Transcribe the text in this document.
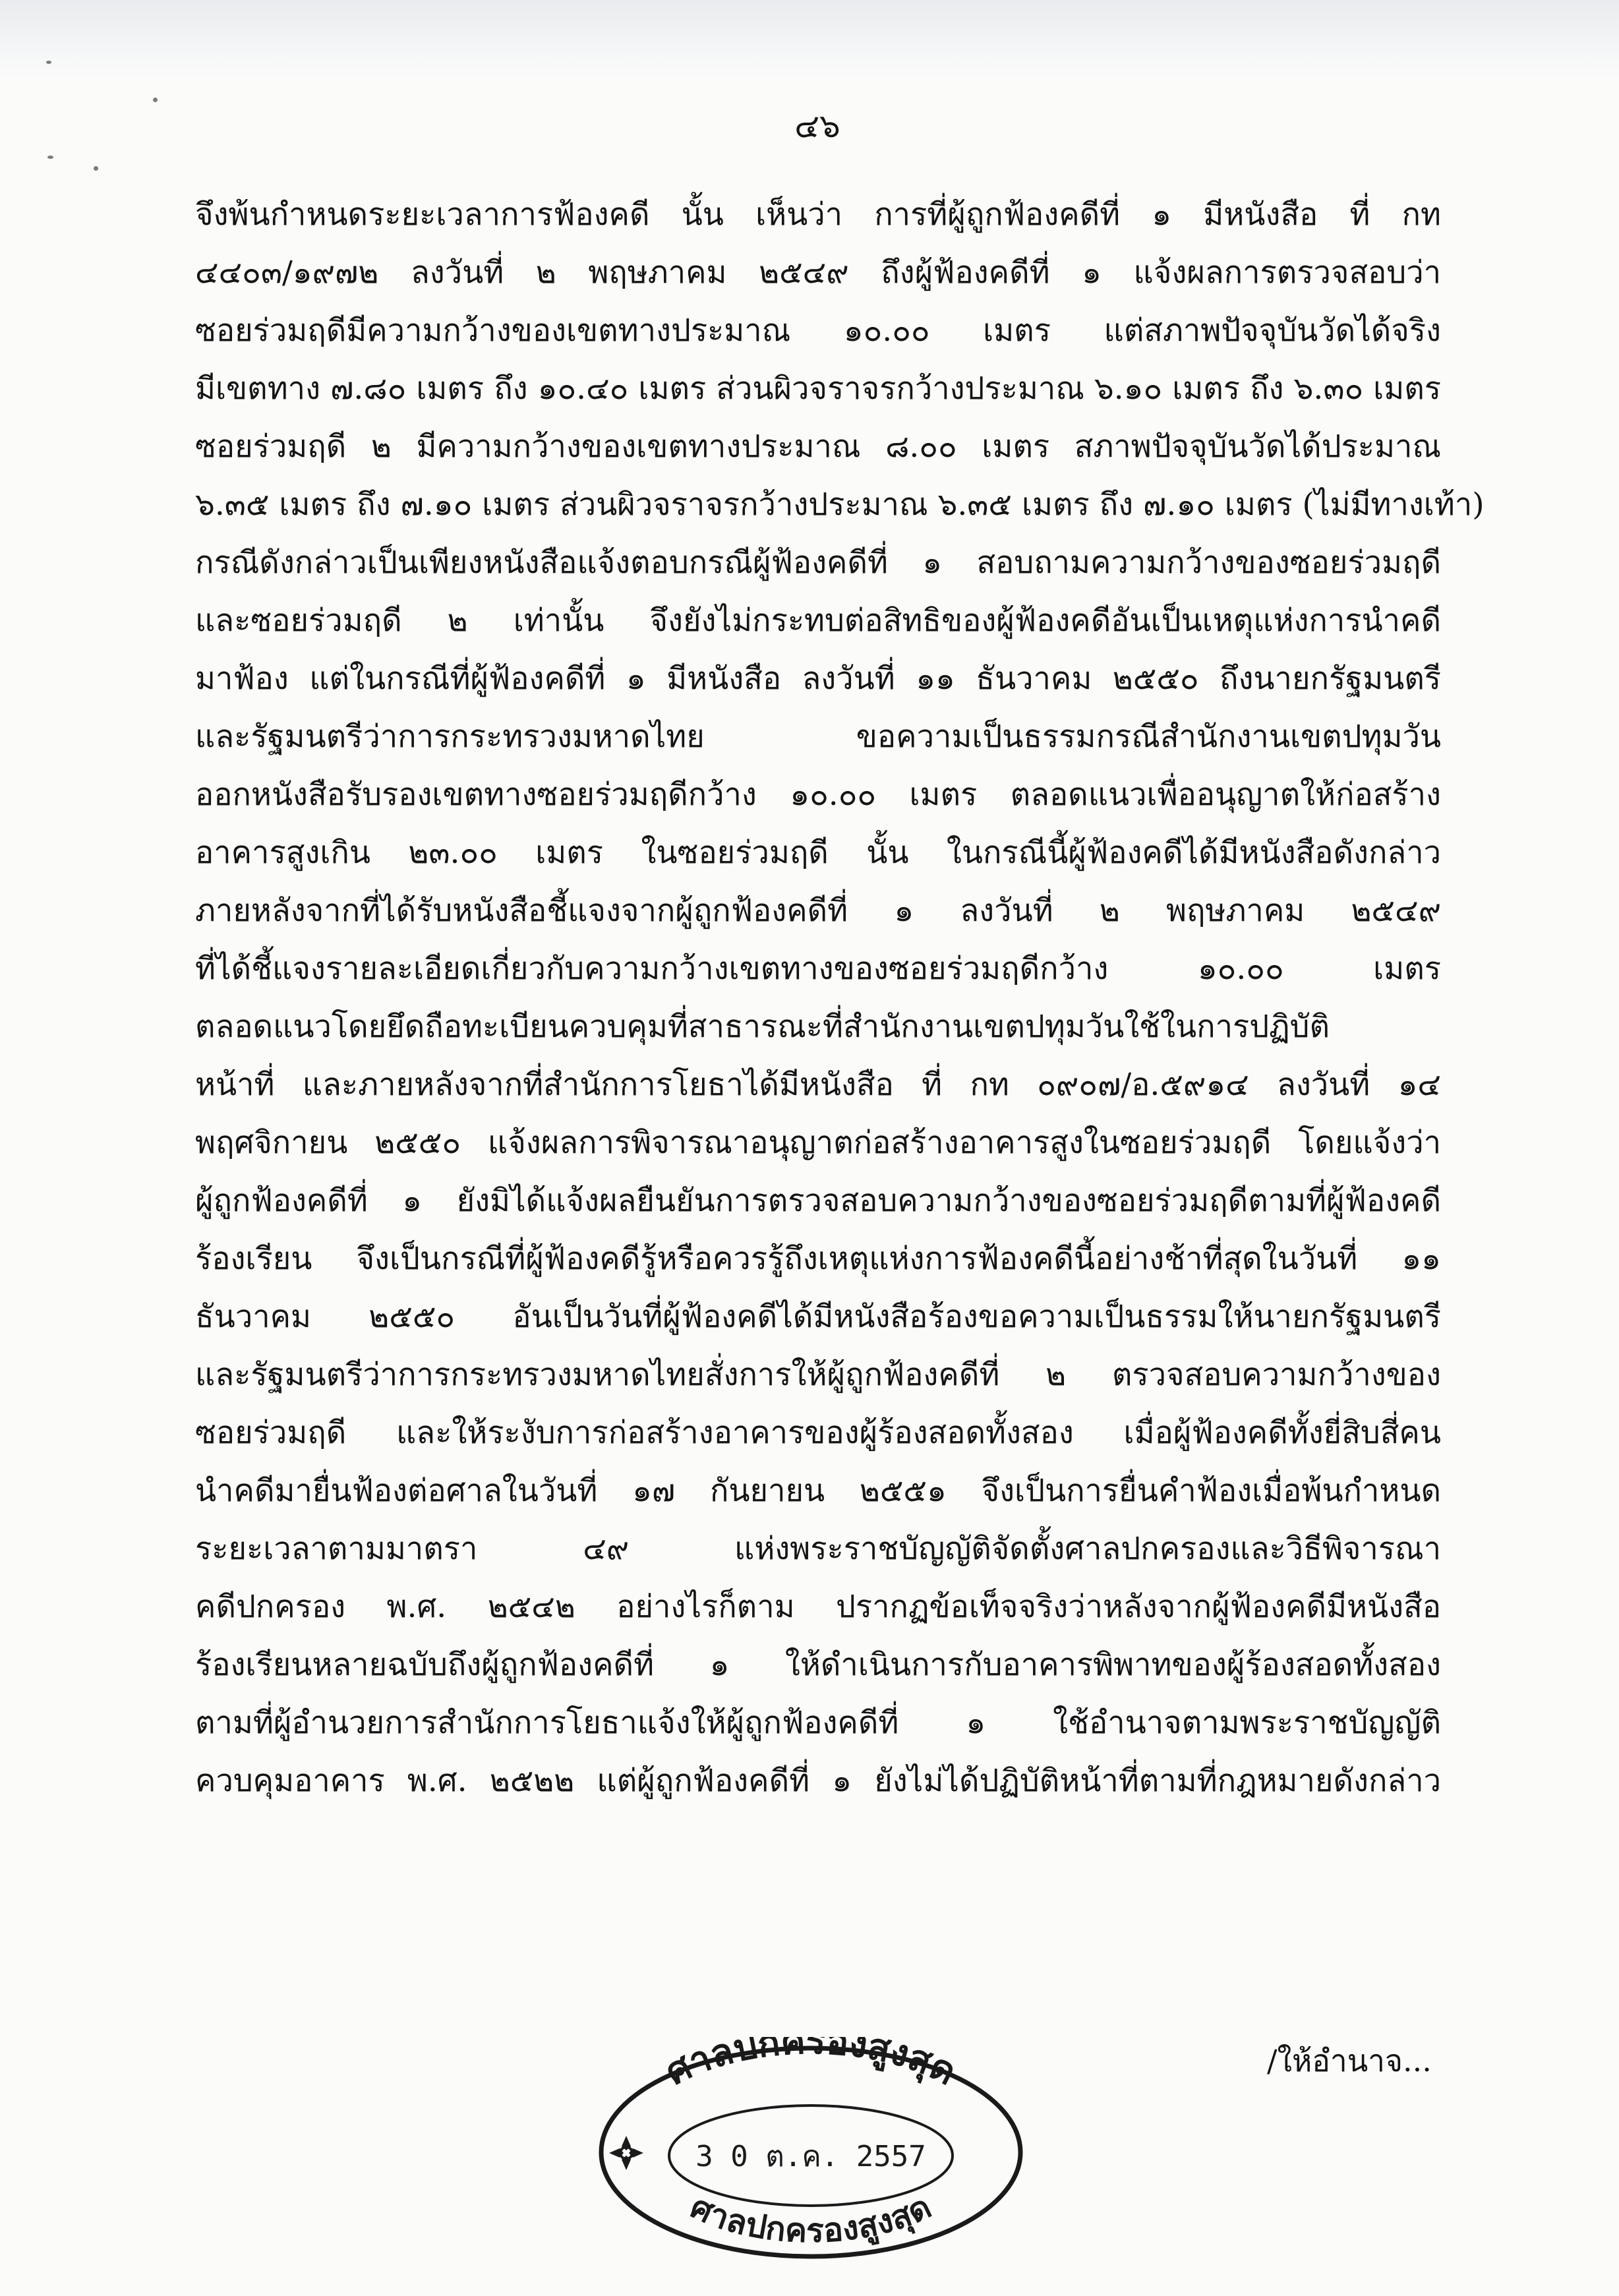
๔๖
จึงพ้นกำหนดระยะเวลาการฟ้องคดี นั้น เห็นว่า การที่ผู้ถูกฟ้องคดีที่ ๑ มีหนังสือ ที่ กท
๔๔๐๓/๑๙๗๒ ลงวันที่ ๒ พฤษภาคม ๒๕๔๙ ถึงผู้ฟ้องคดีที่ ๑ แจ้งผลการตรวจสอบว่า
ซอยร่วมฤดีมีความกว้างของเขตทางประมาณ ๑๐.๐๐ เมตร แต่สภาพปัจจุบันวัดได้จริง
มีเขตทาง ๗.๘๐ เมตร ถึง ๑๐.๔๐ เมตร ส่วนผิวจราจรกว้างประมาณ ๖.๑๐ เมตร ถึง ๖.๓๐ เมตร
ซอยร่วมฤดี ๒ มีความกว้างของเขตทางประมาณ ๘.๐๐ เมตร สภาพปัจจุบันวัดได้ประมาณ
๖.๓๕ เมตร ถึง ๗.๑๐ เมตร ส่วนผิวจราจรกว้างประมาณ ๖.๓๕ เมตร ถึง ๗.๑๐ เมตร (ไม่มีทางเท้า)
กรณีดังกล่าวเป็นเพียงหนังสือแจ้งตอบกรณีผู้ฟ้องคดีที่ ๑ สอบถามความกว้างของซอยร่วมฤดี
และซอยร่วมฤดี ๒ เท่านั้น จึงยังไม่กระทบต่อสิทธิของผู้ฟ้องคดีอันเป็นเหตุแห่งการนำคดี
มาฟ้อง แต่ในกรณีที่ผู้ฟ้องคดีที่ ๑ มีหนังสือ ลงวันที่ ๑๑ ธันวาคม ๒๕๕๐ ถึงนายกรัฐมนตรี
และรัฐมนตรีว่าการกระทรวงมหาดไทย ขอความเป็นธรรมกรณีสำนักงานเขตปทุมวัน
ออกหนังสือรับรองเขตทางซอยร่วมฤดีกว้าง ๑๐.๐๐ เมตร ตลอดแนวเพื่ออนุญาตให้ก่อสร้าง
อาคารสูงเกิน ๒๓.๐๐ เมตร ในซอยร่วมฤดี นั้น ในกรณีนี้ผู้ฟ้องคดีได้มีหนังสือดังกล่าว
ภายหลังจากที่ได้รับหนังสือชี้แจงจากผู้ถูกฟ้องคดีที่ ๑ ลงวันที่ ๒ พฤษภาคม ๒๕๔๙
ที่ได้ชี้แจงรายละเอียดเกี่ยวกับความกว้างเขตทางของซอยร่วมฤดีกว้าง ๑๐.๐๐ เมตร
ตลอดแนวโดยยึดถือทะเบียนควบคุมที่สาธารณะที่สำนักงานเขตปทุมวันใช้ในการปฏิบัติ
หน้าที่ และภายหลังจากที่สำนักการโยธาได้มีหนังสือ ที่ กท ๐๙๐๗/อ.๕๙๑๔ ลงวันที่ ๑๔
พฤศจิกายน ๒๕๕๐ แจ้งผลการพิจารณาอนุญาตก่อสร้างอาคารสูงในซอยร่วมฤดี โดยแจ้งว่า
ผู้ถูกฟ้องคดีที่ ๑ ยังมิได้แจ้งผลยืนยันการตรวจสอบความกว้างของซอยร่วมฤดีตามที่ผู้ฟ้องคดี
ร้องเรียน จึงเป็นกรณีที่ผู้ฟ้องคดีรู้หรือควรรู้ถึงเหตุแห่งการฟ้องคดีนี้อย่างช้าที่สุดในวันที่ ๑๑
ธันวาคม ๒๕๕๐ อันเป็นวันที่ผู้ฟ้องคดีได้มีหนังสือร้องขอความเป็นธรรมให้นายกรัฐมนตรี
และรัฐมนตรีว่าการกระทรวงมหาดไทยสั่งการให้ผู้ถูกฟ้องคดีที่ ๒ ตรวจสอบความกว้างของ
ซอยร่วมฤดี และให้ระงับการก่อสร้างอาคารของผู้ร้องสอดทั้งสอง เมื่อผู้ฟ้องคดีทั้งยี่สิบสี่คน
นำคดีมายื่นฟ้องต่อศาลในวันที่ ๑๗ กันยายน ๒๕๕๑ จึงเป็นการยื่นคำฟ้องเมื่อพ้นกำหนด
ระยะเวลาตามมาตรา ๔๙ แห่งพระราชบัญญัติจัดตั้งศาลปกครองและวิธีพิจารณา
คดีปกครอง พ.ศ. ๒๕๔๒ อย่างไรก็ตาม ปรากฏข้อเท็จจริงว่าหลังจากผู้ฟ้องคดีมีหนังสือ
ร้องเรียนหลายฉบับถึงผู้ถูกฟ้องคดีที่ ๑ ให้ดำเนินการกับอาคารพิพาทของผู้ร้องสอดทั้งสอง
ตามที่ผู้อำนวยการสำนักการโยธาแจ้งให้ผู้ถูกฟ้องคดีที่ ๑ ใช้อำนาจตามพระราชบัญญัติ
ควบคุมอาคาร พ.ศ. ๒๕๒๒ แต่ผู้ถูกฟ้องคดีที่ ๑ ยังไม่ได้ปฏิบัติหน้าที่ตามที่กฎหมายดังกล่าว
ศาลปกครองสูงสุด
ศาลปกครองสูงสุด
3 0 ต.ค. 2557
/ให้อำนาจ...
